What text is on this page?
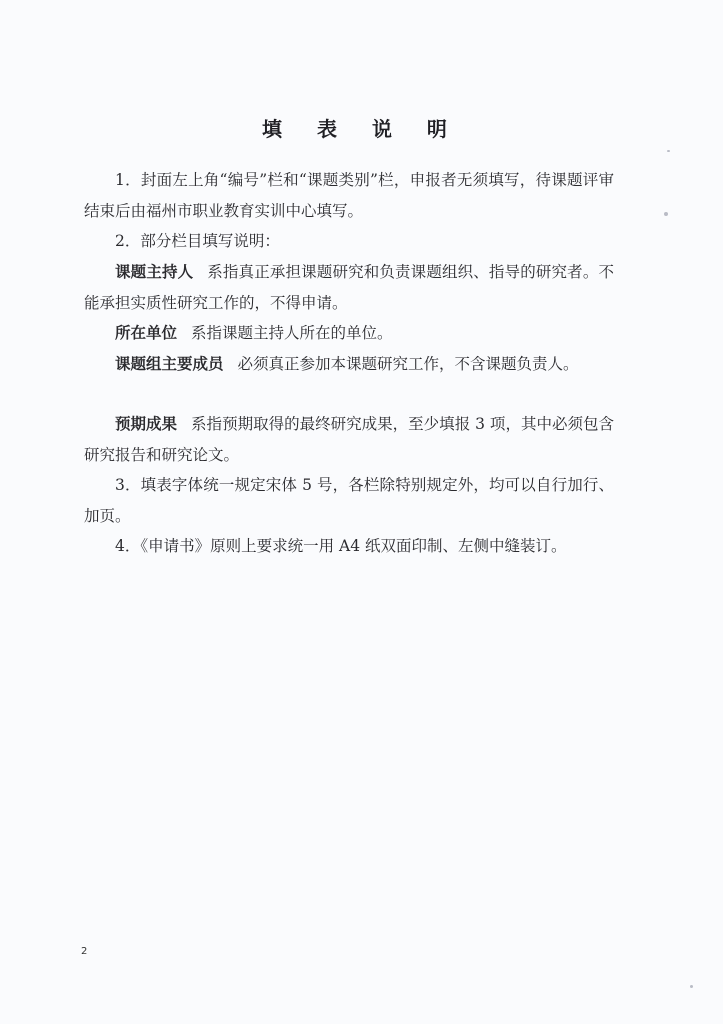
填 表 说 明
1．封面左上角“编号”栏和“课题类别”栏，申报者无须填写，待课题评审结束后由福州市职业教育实训中心填写。
2．部分栏目填写说明：
课题主持人 系指真正承担课题研究和负责课题组织、指导的研究者。不能承担实质性研究工作的，不得申请。
所在单位 系指课题主持人所在的单位。
课题组主要成员 必须真正参加本课题研究工作，不含课题负责人。
预期成果 系指预期取得的最终研究成果，至少填报 3 项，其中必须包含研究报告和研究论文。
3．填表字体统一规定宋体 5 号，各栏除特别规定外，均可以自行加行、加页。
4．《申请书》原则上要求统一用 A4 纸双面印制、左侧中缝装订。
2
